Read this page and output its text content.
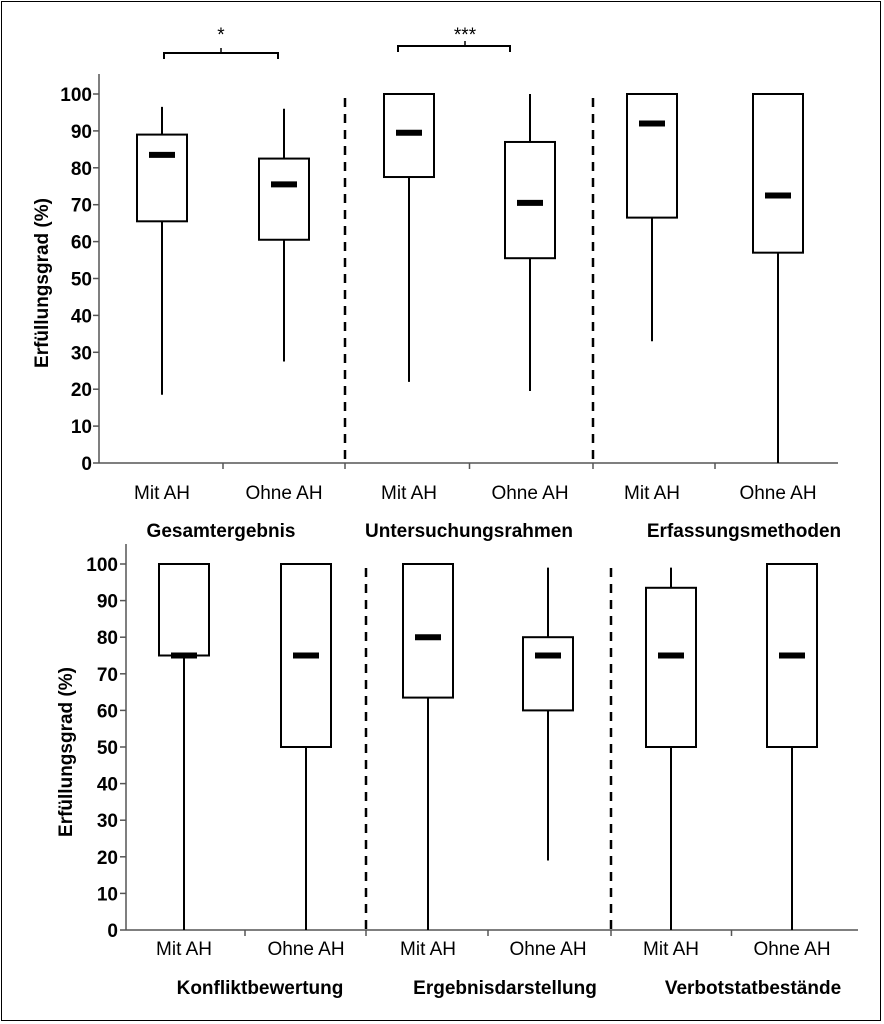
0
10
20
30
40
50
60
70
80
90
100
Erfüllungsgrad (%)
Gesamtergebnis
Mit AH	Ohne AH
*
Untersuchungsrahmen
Mit AH	Ohne AH
***
Erfassungsmethoden
Mit AH	Ohne AH
0
10
20
30
40
50
60
70
80
90
100
Erfüllungsgrad (%)
Konfliktbewertung
Mit AH	Ohne AH
Ergebnisdarstellung
Mit AH	Ohne AH
Verbotstatbestände
Mit AH	Ohne AH
